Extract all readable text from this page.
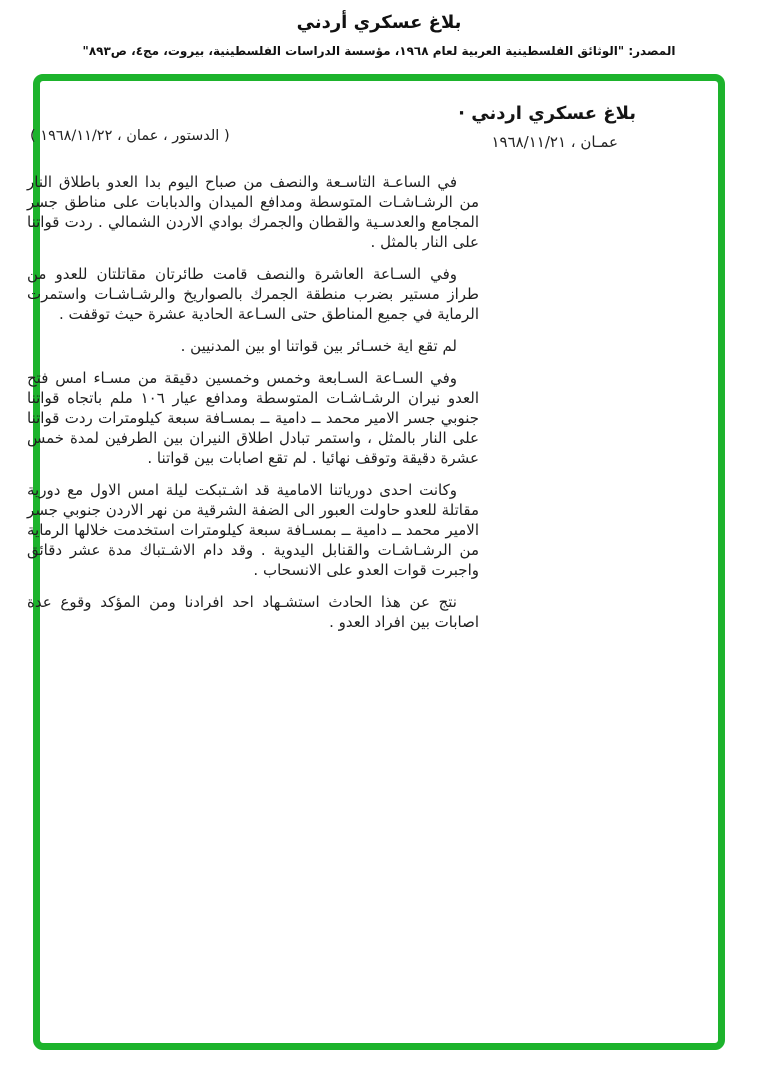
بلاغ عسكري أردني
المصدر: "الوثائق الفلسطينية العربية لعام ١٩٦٨، مؤسسة الدراسات الفلسطينية، بيروت، مج٤، ص٨٩٣"
بلاغ عسكري اردني ·
عمـان ، ١٩٦٨/١١/٢١
( الدستور ، عمان ، ١٩٦٨/١١/٢٢ )

في الساعـة التاسـعة والنصف من صباح اليوم بدا العدو باطلاق النار من الرشـاشـات المتوسطة ومدافع الميدان والدبابات على مناطق جسر المجامع والعدسـية والقطان والجمرك بوادي الاردن الشمالي . ردت قواتنا على النار بالمثل .

وفي السـاعة العاشرة والنصف قامت طائرتان مقاتلتان للعدو من طراز مستير بضرب منطقة الجمرك بالصواريخ والرشـاشـات واستمرت الرماية في جميع المناطق حتى السـاعة الحادية عشرة حيث توقفت .

لم تقع اية خسـائر بين قواتنا او بين المدنيين .

وفي السـاعة السـابعة وخمس وخمسين دقيقة من مسـاء امس فتح العدو نيران الرشـاشـات المتوسطة ومدافع عيار ١٠٦ ملم باتجاه قواتنا جنوبي جسر الامير محمد ــ دامية ــ بمسـافة سبعة كيلومترات ردت قواتنا على النار بالمثل ، واستمر تبادل اطلاق النيران بين الطرفين لمدة خمس عشرة دقيقة وتوقف نهائيا . لم تقع اصابات بين قواتنا .

وكانت احدى دورياتنا الامامية قد اشـتبكت ليلة امس الاول مع دورية مقاتلة للعدو حاولت العبور الى الضفة الشرقية من نهر الاردن جنوبي جسر الامير محمد ــ دامية ــ بمسـافة سبعة كيلومترات استخدمت خلالها الرماية من الرشـاشـات والقنابل اليدوية . وقد دام الاشـتباك مدة عشر دقائق واجبرت قوات العدو على الانسحاب .

نتج عن هذا الحادث استشـهاد احد افرادنا ومن المؤكد وقوع عدة اصابات بين افراد العدو .
